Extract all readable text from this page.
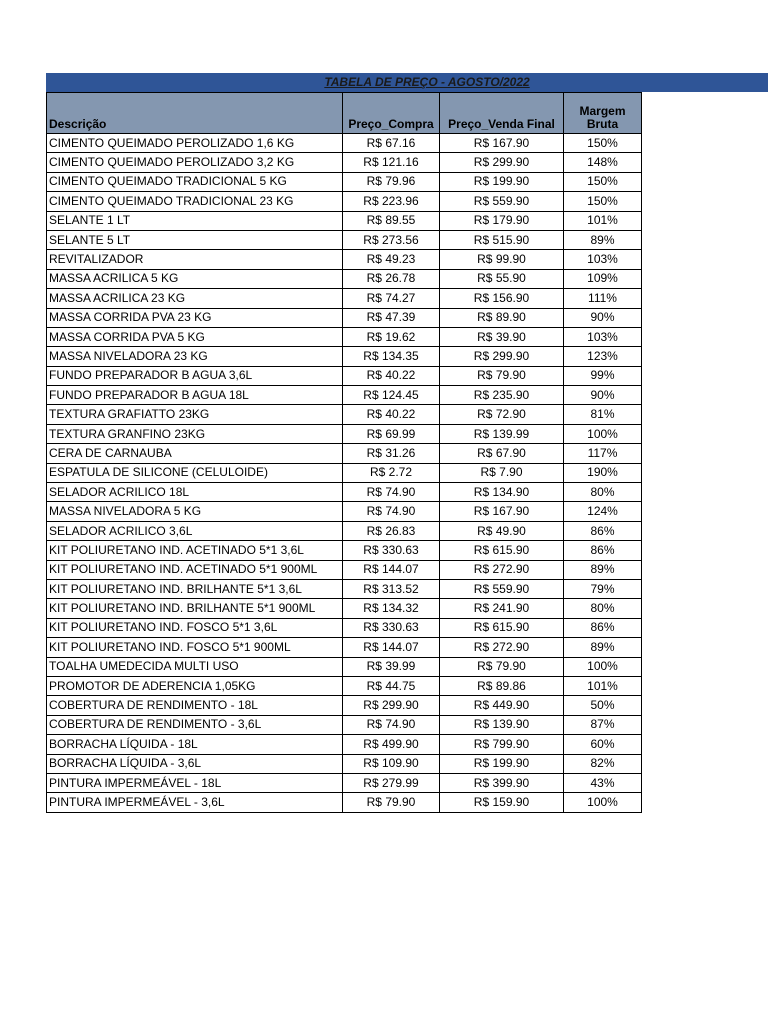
TABELA DE PREÇO - AGOSTO/2022
Descrição	Preço_Compra	Preço_Venda Final	Margem Bruta
CIMENTO QUEIMADO PEROLIZADO 1,6 KG	R$ 67.16	R$ 167.90	150%
CIMENTO QUEIMADO PEROLIZADO 3,2 KG	R$ 121.16	R$ 299.90	148%
CIMENTO QUEIMADO TRADICIONAL 5 KG	R$ 79.96	R$ 199.90	150%
CIMENTO QUEIMADO TRADICIONAL 23 KG	R$ 223.96	R$ 559.90	150%
SELANTE 1 LT	R$ 89.55	R$ 179.90	101%
SELANTE 5 LT	R$ 273.56	R$ 515.90	89%
REVITALIZADOR	R$ 49.23	R$ 99.90	103%
MASSA ACRILICA 5 KG	R$ 26.78	R$ 55.90	109%
MASSA ACRILICA 23 KG	R$ 74.27	R$ 156.90	111%
MASSA CORRIDA PVA 23 KG	R$ 47.39	R$ 89.90	90%
MASSA CORRIDA PVA 5 KG	R$ 19.62	R$ 39.90	103%
MASSA NIVELADORA 23 KG	R$ 134.35	R$ 299.90	123%
FUNDO PREPARADOR B AGUA 3,6L	R$ 40.22	R$ 79.90	99%
FUNDO PREPARADOR B AGUA 18L	R$ 124.45	R$ 235.90	90%
TEXTURA GRAFIATTO 23KG	R$ 40.22	R$ 72.90	81%
TEXTURA GRANFINO 23KG	R$ 69.99	R$ 139.99	100%
CERA DE CARNAUBA	R$ 31.26	R$ 67.90	117%
ESPATULA DE SILICONE (CELULOIDE)	R$ 2.72	R$ 7.90	190%
SELADOR ACRILICO 18L	R$ 74.90	R$ 134.90	80%
MASSA NIVELADORA 5 KG	R$ 74.90	R$ 167.90	124%
SELADOR ACRILICO 3,6L	R$ 26.83	R$ 49.90	86%
KIT POLIURETANO IND. ACETINADO 5*1 3,6L	R$ 330.63	R$ 615.90	86%
KIT POLIURETANO IND. ACETINADO 5*1 900ML	R$ 144.07	R$ 272.90	89%
KIT POLIURETANO IND. BRILHANTE 5*1 3,6L	R$ 313.52	R$ 559.90	79%
KIT POLIURETANO IND. BRILHANTE 5*1 900ML	R$ 134.32	R$ 241.90	80%
KIT POLIURETANO IND. FOSCO 5*1 3,6L	R$ 330.63	R$ 615.90	86%
KIT POLIURETANO IND. FOSCO 5*1 900ML	R$ 144.07	R$ 272.90	89%
TOALHA UMEDECIDA MULTI USO	R$ 39.99	R$ 79.90	100%
PROMOTOR DE ADERENCIA 1,05KG	R$ 44.75	R$ 89.86	101%
COBERTURA DE RENDIMENTO - 18L	R$ 299.90	R$ 449.90	50%
COBERTURA DE RENDIMENTO - 3,6L	R$ 74.90	R$ 139.90	87%
BORRACHA LÍQUIDA - 18L	R$ 499.90	R$ 799.90	60%
BORRACHA LÍQUIDA - 3,6L	R$ 109.90	R$ 199.90	82%
PINTURA IMPERMEÁVEL - 18L	R$ 279.99	R$ 399.90	43%
PINTURA IMPERMEÁVEL - 3,6L	R$ 79.90	R$ 159.90	100%
